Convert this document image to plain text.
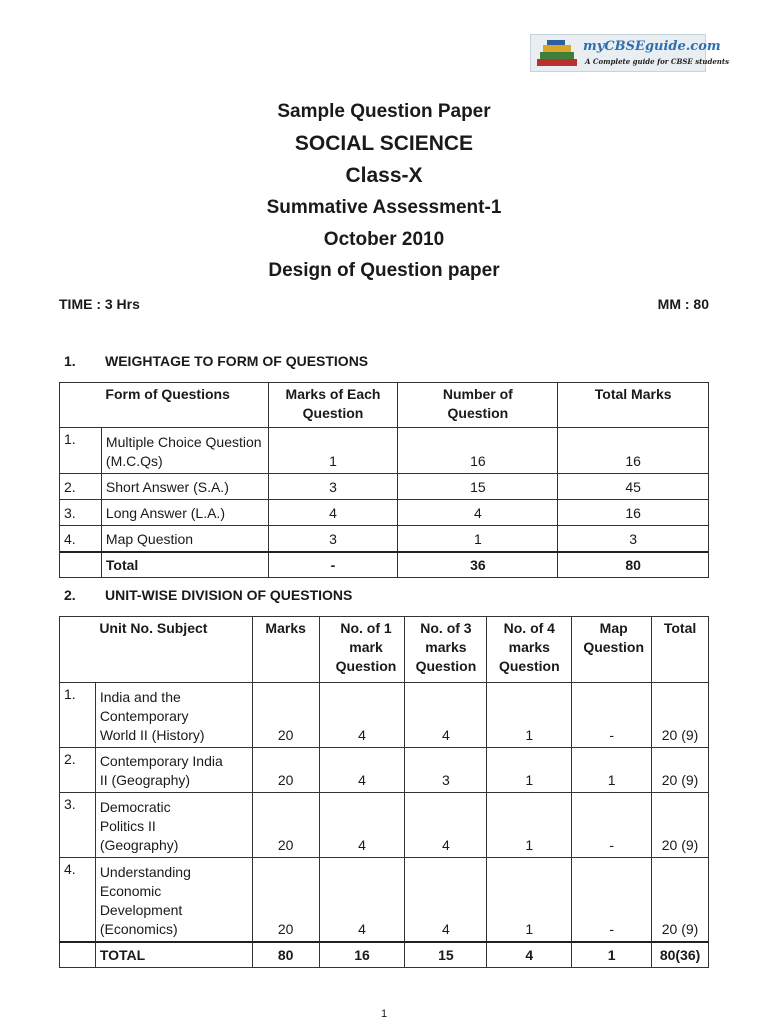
myCBSEguide.com
A Complete guide for CBSE students
Sample Question Paper
SOCIAL SCIENCE
Class-X
Summative Assessment-1
October 2010
Design of Question paper
TIME : 3 Hrs	MM : 80
1. WEIGHTAGE TO FORM OF QUESTIONS
	Form of Questions	Marks of Each Question	Number of Question	Total Marks
1.	Multiple Choice Question (M.C.Qs)	1	16	16
2.	Short Answer (S.A.)	3	15	45
3.	Long Answer (L.A.)	4	4	16
4.	Map Question	3	1	3
	Total	-	36	80
2. UNIT-WISE DIVISION OF QUESTIONS
	Unit No. Subject	Marks	No. of 1 mark Question	No. of 3 marks Question	No. of 4 marks Question	Map Question	Total
1.	India and the Contemporary World II (History)	20	4	4	1	-	20 (9)
2.	Contemporary India II (Geography)	20	4	3	1	1	20 (9)
3.	Democratic Politics II (Geography)	20	4	4	1	-	20 (9)
4.	Understanding Economic Development (Economics)	20	4	4	1	-	20 (9)
	TOTAL	80	16	15	4	1	80(36)
1
